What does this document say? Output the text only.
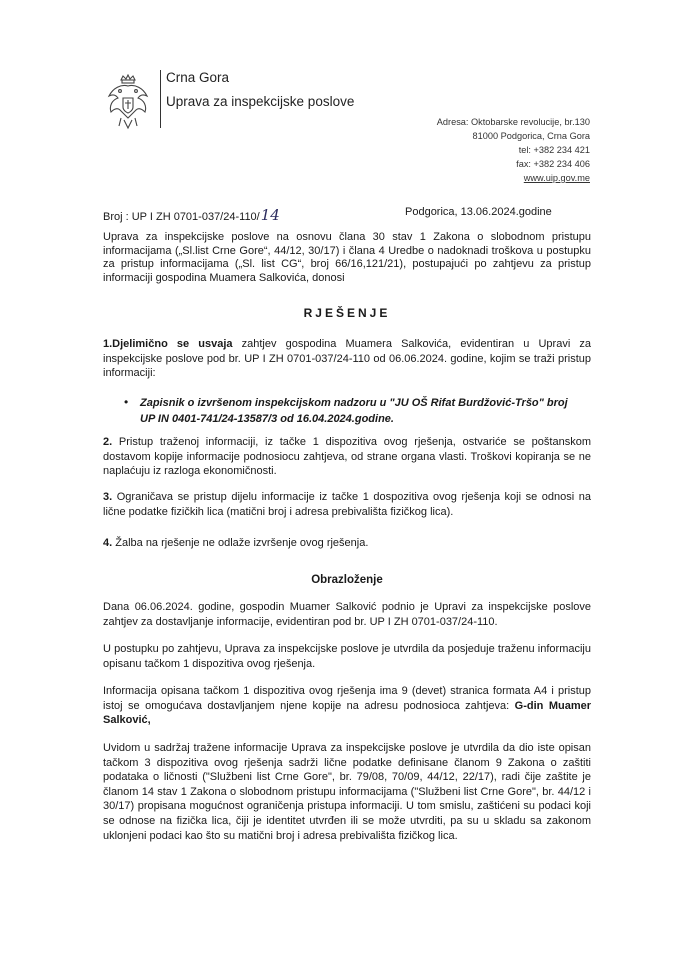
Crna Gora
Uprava za inspekcijske poslove
Adresa: Oktobarske revolucije, br.130
81000 Podgorica, Crna Gora
tel: +382 234 421
fax: +382 234 406
www.uip.gov.me
Broj : UP I ZH 0701-037/24-110/14	Podgorica, 13.06.2024.godine
Uprava za inspekcijske poslove na osnovu člana 30 stav 1 Zakona o slobodnom pristupu informacijama („Sl.list Crne Gore“, 44/12, 30/17) i člana 4 Uredbe o nadoknadi troškova u postupku za pristup informacijama („Sl. list CG“, broj 66/16,121/21), postupajući po zahtjevu za pristup informaciji gospodina Muamera Salkovića, donosi
RJEŠENJE
1.Djelimično se usvaja zahtjev gospodina Muamera Salkovića, evidentiran u Upravi za inspekcijske poslove pod br. UP I ZH 0701-037/24-110 od 06.06.2024. godine, kojim se traži pristup informaciji:
• Zapisnik o izvršenom inspekcijskom nadzoru u "JU OŠ Rifat Burdžović-Tršo" broj UP IN 0401-741/24-13587/3 od 16.04.2024.godine.
2. Pristup traženoj informaciji, iz tačke 1 dispozitiva ovog rješenja, ostvariće se poštanskom dostavom kopije informacije podnosiocu zahtjeva, od strane organa vlasti. Troškovi kopiranja se ne naplaćuju iz razloga ekonomičnosti.
3. Ograničava se pristup dijelu informacije iz tačke 1 dospozitiva ovog rješenja koji se odnosi na lične podatke fizičkih lica (matični broj i adresa prebivališta fizičkog lica).
4. Žalba na rješenje ne odlaže izvršenje ovog rješenja.
Obrazloženje
Dana 06.06.2024. godine, gospodin Muamer Salković podnio je Upravi za inspekcijske poslove zahtjev za dostavljanje informacije, evidentiran pod br. UP I ZH 0701-037/24-110.
U postupku po zahtjevu, Uprava za inspekcijske poslove je utvrdila da posjeduje traženu informaciju opisanu tačkom 1 dispozitiva ovog rješenja.
Informacija opisana tačkom 1 dispozitiva ovog rješenja ima 9 (devet) stranica formata A4 i pristup istoj se omogućava dostavljanjem njene kopije na adresu podnosioca zahtjeva: G-din Muamer Salković,
Uvidom u sadržaj tražene informacije Uprava za inspekcijske poslove je utvrdila da dio iste opisan tačkom 3 dispozitiva ovog rješenja sadrži lične podatke definisane članom 9 Zakona o zaštiti podataka o ličnosti ("Službeni list Crne Gore", br. 79/08, 70/09, 44/12, 22/17), radi čije zaštite je članom 14 stav 1 Zakona o slobodnom pristupu informacijama ("Službeni list Crne Gore", br. 44/12 i 30/17) propisana mogućnost ograničenja pristupa informaciji. U tom smislu, zaštićeni su podaci koji se odnose na fizička lica, čiji je identitet utvrđen ili se može utvrditi, pa su u skladu sa zakonom uklonjeni podaci kao što su matični broj i adresa prebivališta fizičkog lica.
